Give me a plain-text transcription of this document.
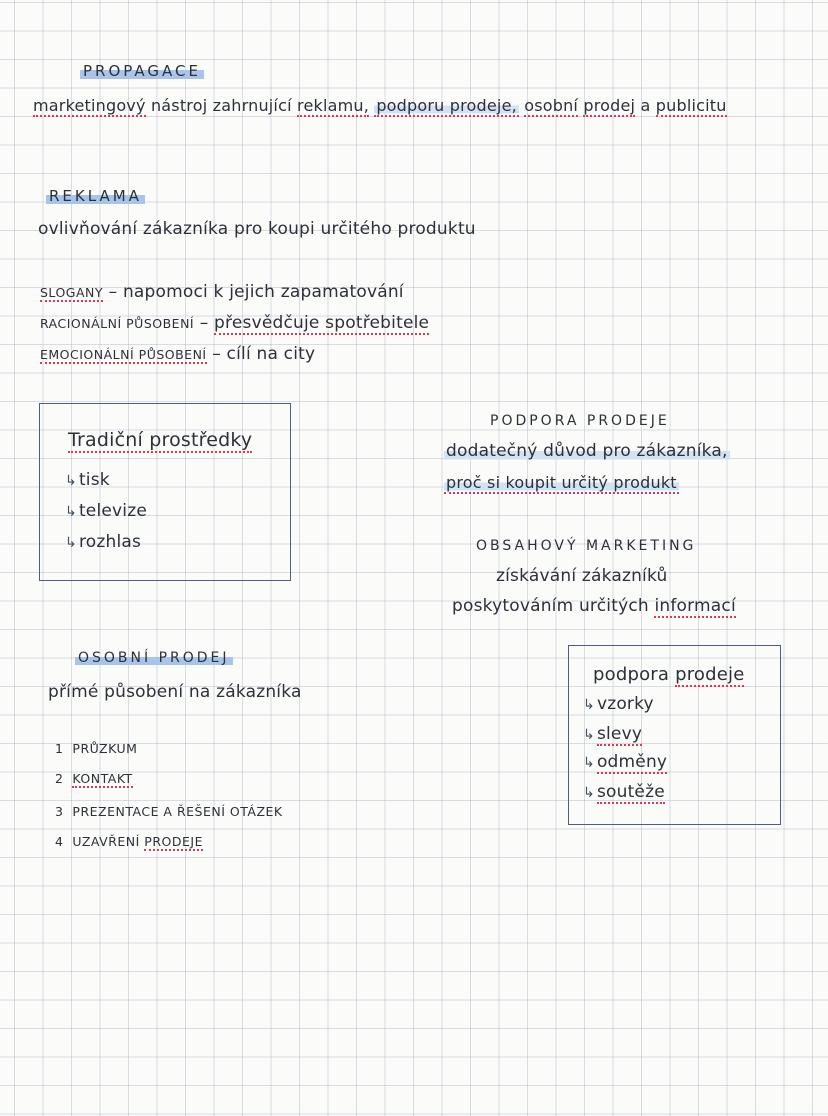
PROPAGACE
marketingový nástroj zahrnující reklamu, podporu prodeje, osobní prodej a publicitu
REKLAMA
ovlivňování zákazníka pro koupi určitého produktu
SLOGANY – napomoci k jejich zapamatování
RACIONÁLNÍ PŮSOBENÍ – přesvědčuje spotřebitele
EMOCIONÁLNÍ PŮSOBENÍ – cílí na city
Tradiční prostředky
↳ tisk
↳ televize
↳ rozhlas
PODPORA PRODEJE
dodatečný důvod pro zákazníka,
proč si koupit určitý produkt
OBSAHOVÝ MARKETING
získávání zákazníků
poskytováním určitých informací
OSOBNÍ PRODEJ
přímé působení na zákazníka
1 PRŮZKUM
2 KONTAKT
3 PREZENTACE A ŘEŠENÍ OTÁZEK
4 UZAVŘENÍ PRODEJE
podpora prodeje
↳ vzorky
↳ slevy
↳ odměny
↳ soutěže
